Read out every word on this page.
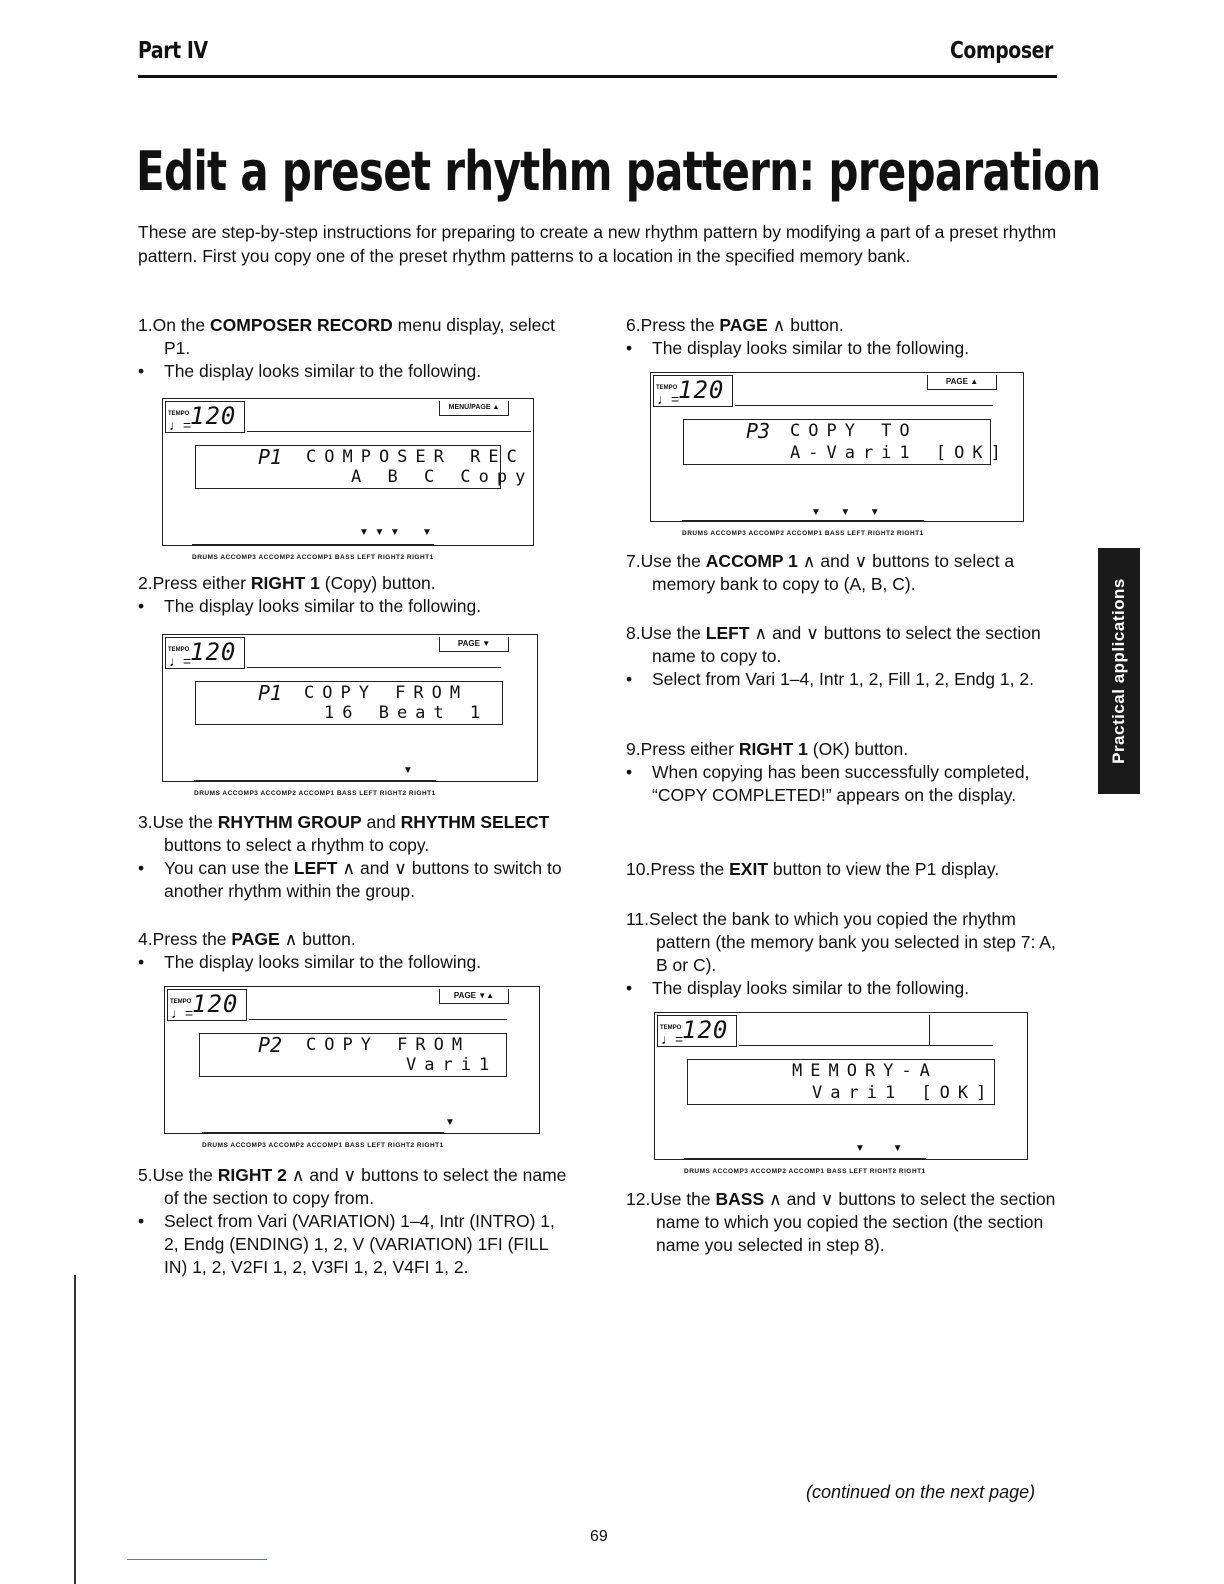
Part IV	Composer
Edit a preset rhythm pattern: preparation

These are step-by-step instructions for preparing to create a new rhythm pattern by modifying a part of a preset rhythm pattern. First you copy one of the preset rhythm patterns to a location in the specified memory bank.

1.On the COMPOSER RECORD menu display, select P1.

• The display looks similar to the following.

TEMPO
♩=
120	MENU/PAGE ▲
P1 COMPOSER REC
A B C Copy
▼  ▼  ▼        ▼
DRUMS ACCOMP3 ACCOMP2 ACCOMP1 BASS LEFT RIGHT2 RIGHT1

2.Press either RIGHT 1 (Copy) button.

• The display looks similar to the following.

TEMPO
♩=
120	PAGE ▼
P1 COPY FROM
16 Beat 1
▼
DRUMS ACCOMP3 ACCOMP2 ACCOMP1 BASS LEFT RIGHT2 RIGHT1

3.Use the RHYTHM GROUP and RHYTHM SELECT buttons to select a rhythm to copy.

• You can use the LEFT ∧ and ∨ buttons to switch to another rhythm within the group.

4.Press the PAGE ∧ button.

• The display looks similar to the following.

TEMPO
♩=
120	PAGE ▼▲
P2 COPY FROM
Vari1
▼
DRUMS ACCOMP3 ACCOMP2 ACCOMP1 BASS LEFT RIGHT2 RIGHT1

5.Use the RIGHT 2 ∧ and ∨ buttons to select the name of the section to copy from.

• Select from Vari (VARIATION) 1–4, Intr (INTRO) 1, 2, Endg (ENDING) 1, 2, V (VARIATION) 1FI (FILL IN) 1, 2, V2FI 1, 2, V3FI 1, 2, V4FI 1, 2.

6.Press the PAGE ∧ button.

• The display looks similar to the following.

TEMPO
♩=
120	PAGE ▲
P3 COPY TO
A-Vari1 [OK]
▼       ▼       ▼
DRUMS ACCOMP3 ACCOMP2 ACCOMP1 BASS LEFT RIGHT2 RIGHT1

7.Use the ACCOMP 1 ∧ and ∨ buttons to select a memory bank to copy to (A, B, C).

8.Use the LEFT ∧ and ∨ buttons to select the section name to copy to.

• Select from Vari 1–4, Intr 1, 2, Fill 1, 2, Endg 1, 2.

9.Press either RIGHT 1 (OK) button.

• When copying has been successfully completed, “COPY COMPLETED!” appears on the display.

10.Press the EXIT button to view the P1 display.

11.Select the bank to which you copied the rhythm pattern (the memory bank you selected in step 7: A, B or C).

• The display looks similar to the following.

TEMPO
♩=
120
MEMORY-A
Vari1 [OK]
▼          ▼
DRUMS ACCOMP3 ACCOMP2 ACCOMP1 BASS LEFT RIGHT2 RIGHT1

12.Use the BASS ∧ and ∨ buttons to select the section name to which you copied the section (the section name you selected in step 8).

Practical applications
(continued on the next page)
69
